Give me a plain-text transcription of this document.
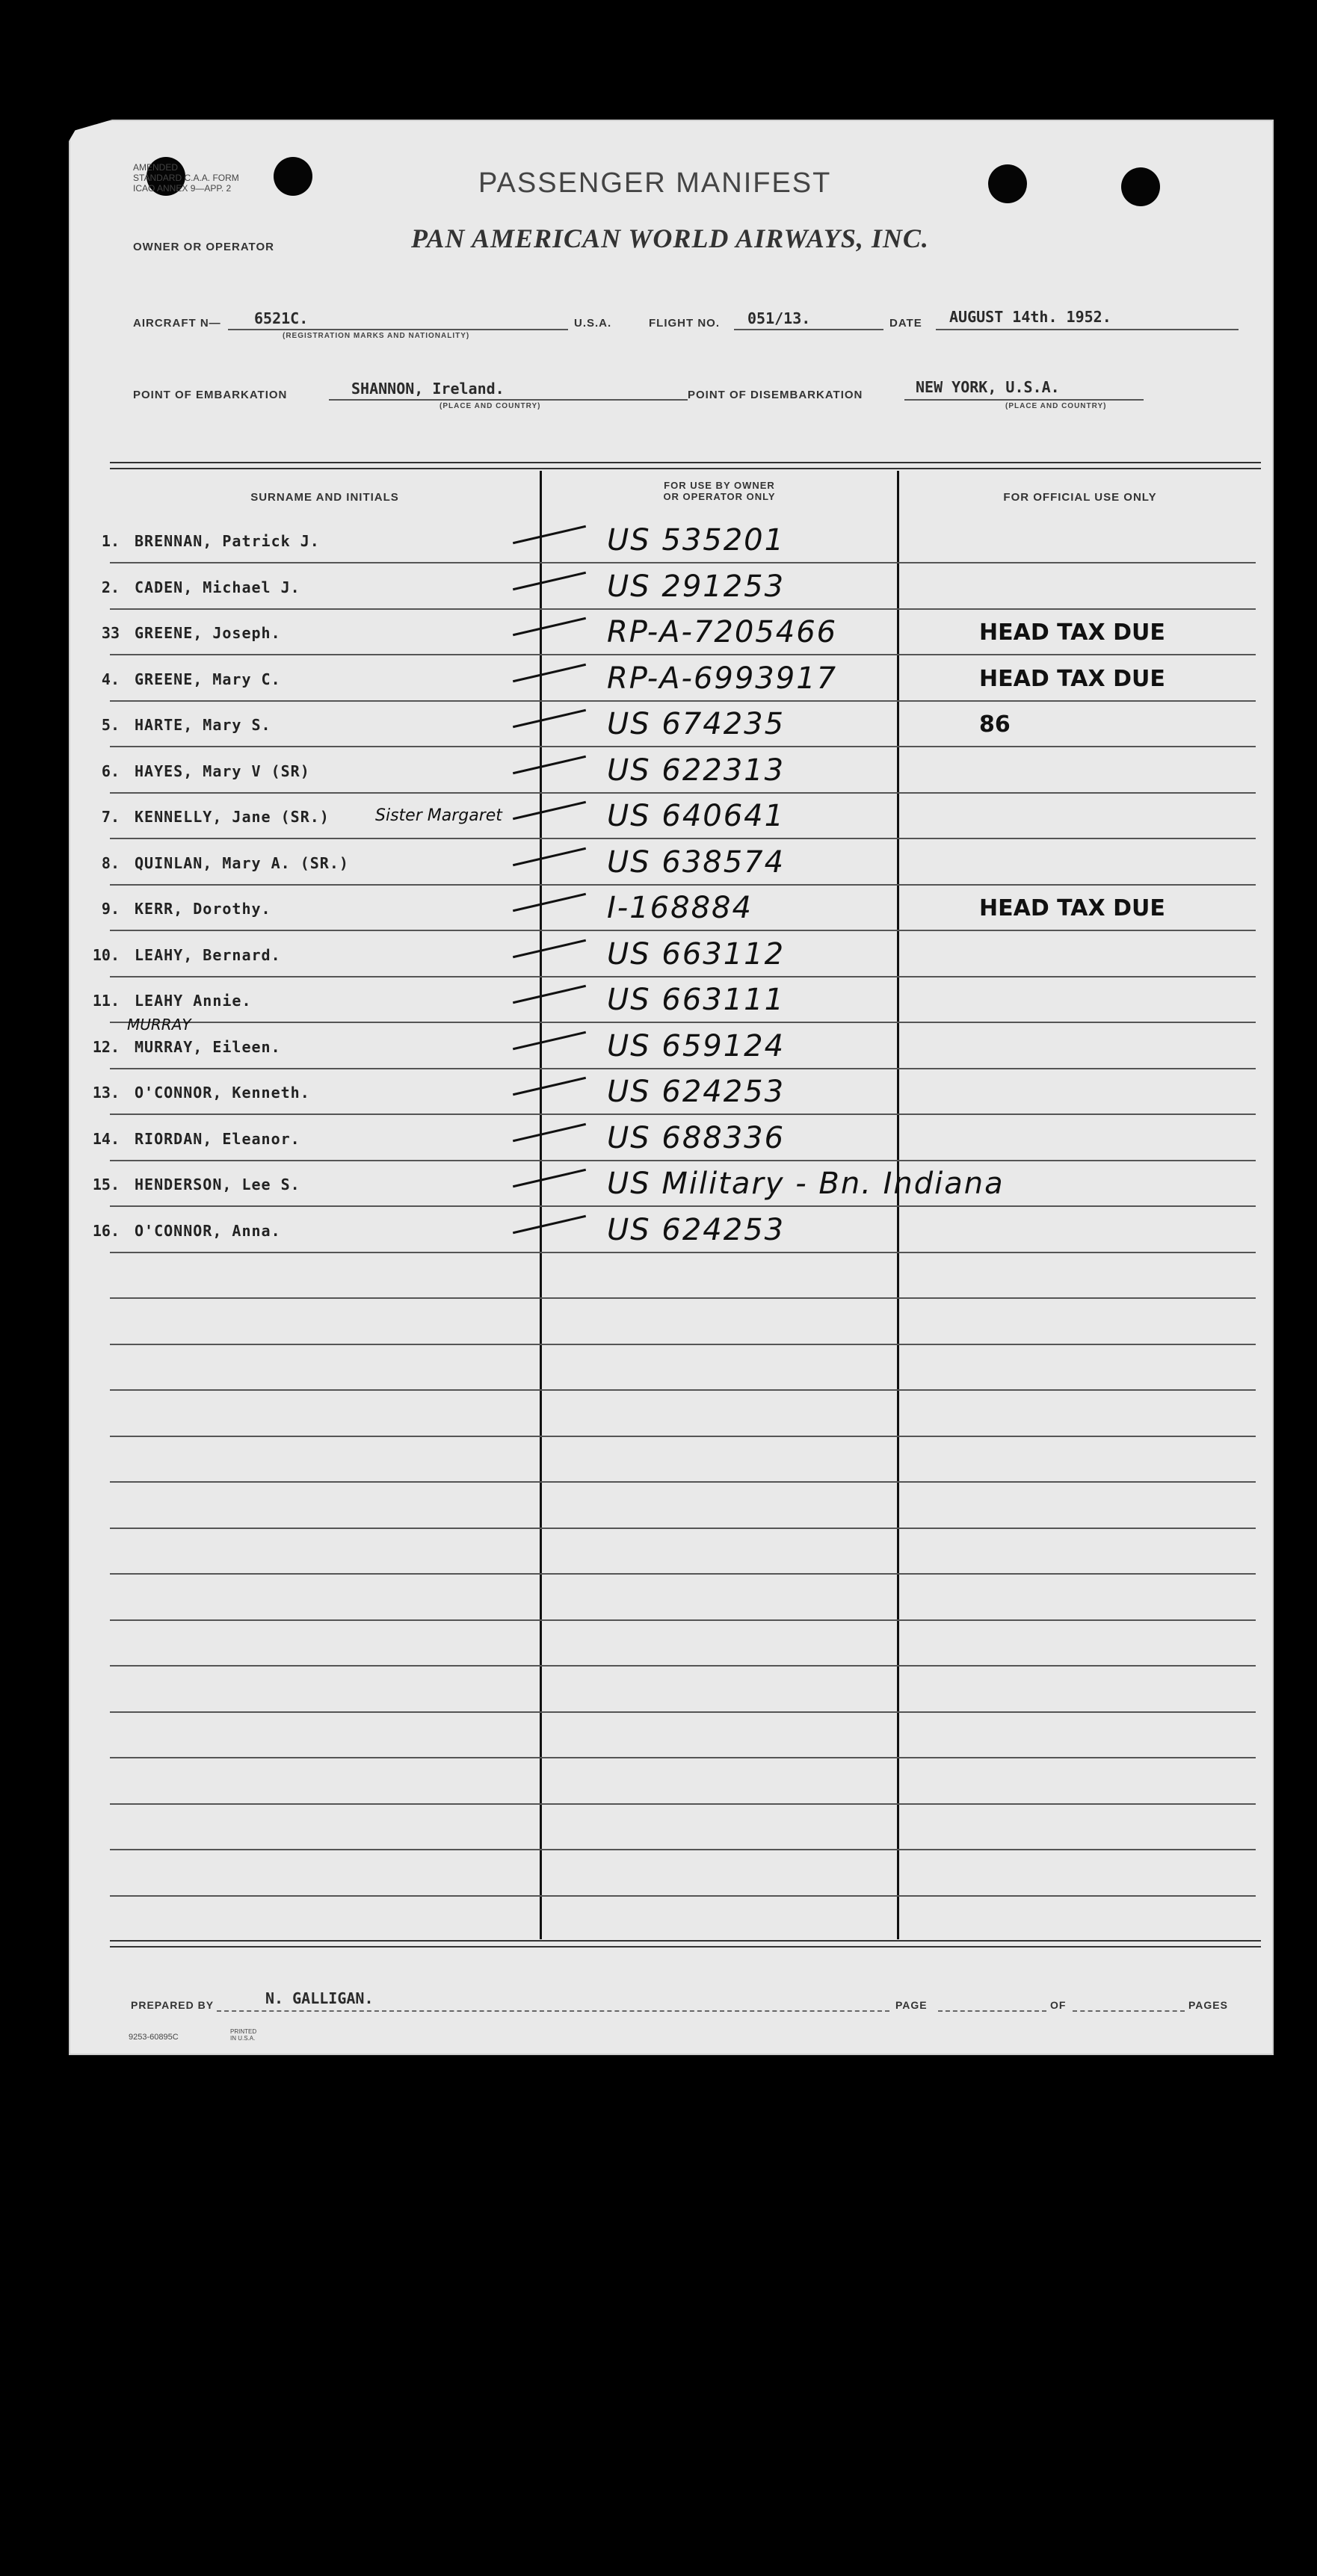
AMENDED
STANDARD C.A.A. FORM
ICAO ANNEX 9—APP. 2	PASSENGER MANIFEST
OWNER OR OPERATOR	PAN AMERICAN WORLD AIRWAYS, INC.
AIRCRAFT N— 6521C.
(REGISTRATION MARKS AND NATIONALITY)
U.S.A.	FLIGHT NO. 051/13.	DATE AUGUST 14th. 1952.
POINT OF EMBARKATION	SHANNON, Ireland.
(PLACE AND COUNTRY)
POINT OF DISEMBARKATION	NEW YORK, U.S.A.
(PLACE AND COUNTRY)
SURNAME AND INITIALS
FOR USE BY OWNER
OR OPERATOR ONLY	FOR OFFICIAL USE ONLY
1. BRENNAN, Patrick J.	US 535201
2. CADEN, Michael J.	US 291253
33 GREENE, Joseph.	RP-A-7205466	HEAD TAX DUE
4. GREENE, Mary C.	RP-A-6993917	HEAD TAX DUE
5. HARTE, Mary S.	US 674235	86
6. HAYES, Mary V (SR)	US 622313
7. KENNELLY, Jane (SR.)	US 640641
Sister Margaret
8. QUINLAN, Mary A. (SR.)	US 638574
9. KERR, Dorothy.	I-168884	HEAD TAX DUE
10. LEAHY, Bernard.	US 663112
11. LEAHY Annie.	US 663111
12. MURRAY, Eileen.	US 659124
MURRAY
13. O'CONNOR, Kenneth.	US 624253
14. RIORDAN, Eleanor.	US 688336
15. HENDERSON, Lee S.	US Military - Bn. Indiana
16. O'CONNOR, Anna.	US 624253
PREPARED BY	N. GALLIGAN.	PAGE	OF	PAGES
9253-60895C
PRINTED IN U.S.A.
